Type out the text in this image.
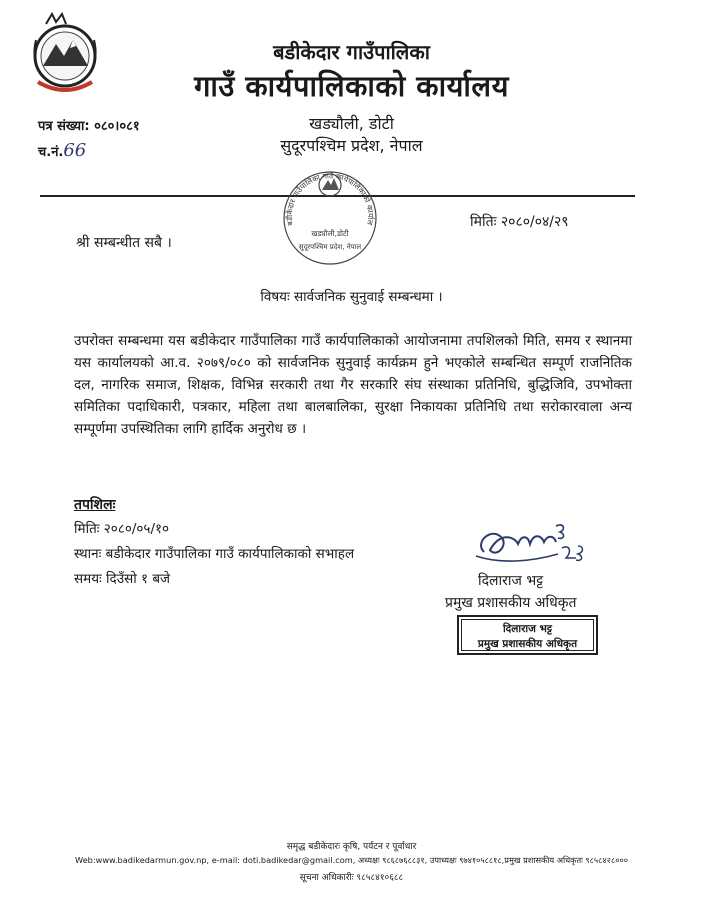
बडीकेदार गाउँपालिका
गाउँ कार्यपालिकाको कार्यालय
खड्यौली, डोटी
सुदूरपश्चिम प्रदेश, नेपाल
पत्र संख्या: ०८०।०८१
च.नं.66
बडीकेदार गाउँपालिका गाउँ कार्यपालिकाको कार्याल
खड्यौली,डोटी
सुदूरपश्चिम प्रदेश, नेपाल
मितिः २०८०/०४/२९
श्री सम्बन्धीत सबै ।
विषयः सार्वजनिक सुनुवाई सम्बन्धमा ।
उपरोक्त सम्बन्धमा यस बडीकेदार गाउँपालिका गाउँ कार्यपालिकाको आयोजनामा तपशिलको मिति, समय र स्थानमा यस कार्यालयको आ.व. २०७९/०८० को सार्वजनिक सुनुवाई कार्यक्रम हुने भएकोले सम्बन्धित सम्पूर्ण राजनितिक दल, नागरिक समाज, शिक्षक, विभिन्न सरकारी तथा गैर सरकारि संघ संस्थाका प्रतिनिधि, बुद्धिजिवि, उपभोक्ता समितिका पदाधिकारी, पत्रकार, महिला तथा बालबालिका, सुरक्षा निकायका प्रतिनिधि तथा सरोकारवाला अन्य सम्पूर्णमा उपस्थितिका लागि हार्दिक अनुरोध छ ।
तपशिलः
मितिः २०८०/०५/१०
स्थानः बडीकेदार गाउँपालिका गाउँ कार्यपालिकाको सभाहल
समयः दिउँसो १ बजे	दिलाराज भट्ट
प्रमुख प्रशासकीय अधिकृत
दिलाराज भट्ट
प्रमुख प्रशासकीय अधिकृत
समृद्ध बडीकेदारः कृषि, पर्यटन र पूर्वाधार
Web:www.badikedarmun.gov.np, e-mail: doti.badikedar@gmail.com, अध्यक्षः ९८६८७६८८३१, उपाध्यक्षः ९७४१०५८८१८,प्रमुख प्रशासकीय अधिकृतः ९८५८४२८०००
सूचना अधिकारीः ९८५८४१०६८८
